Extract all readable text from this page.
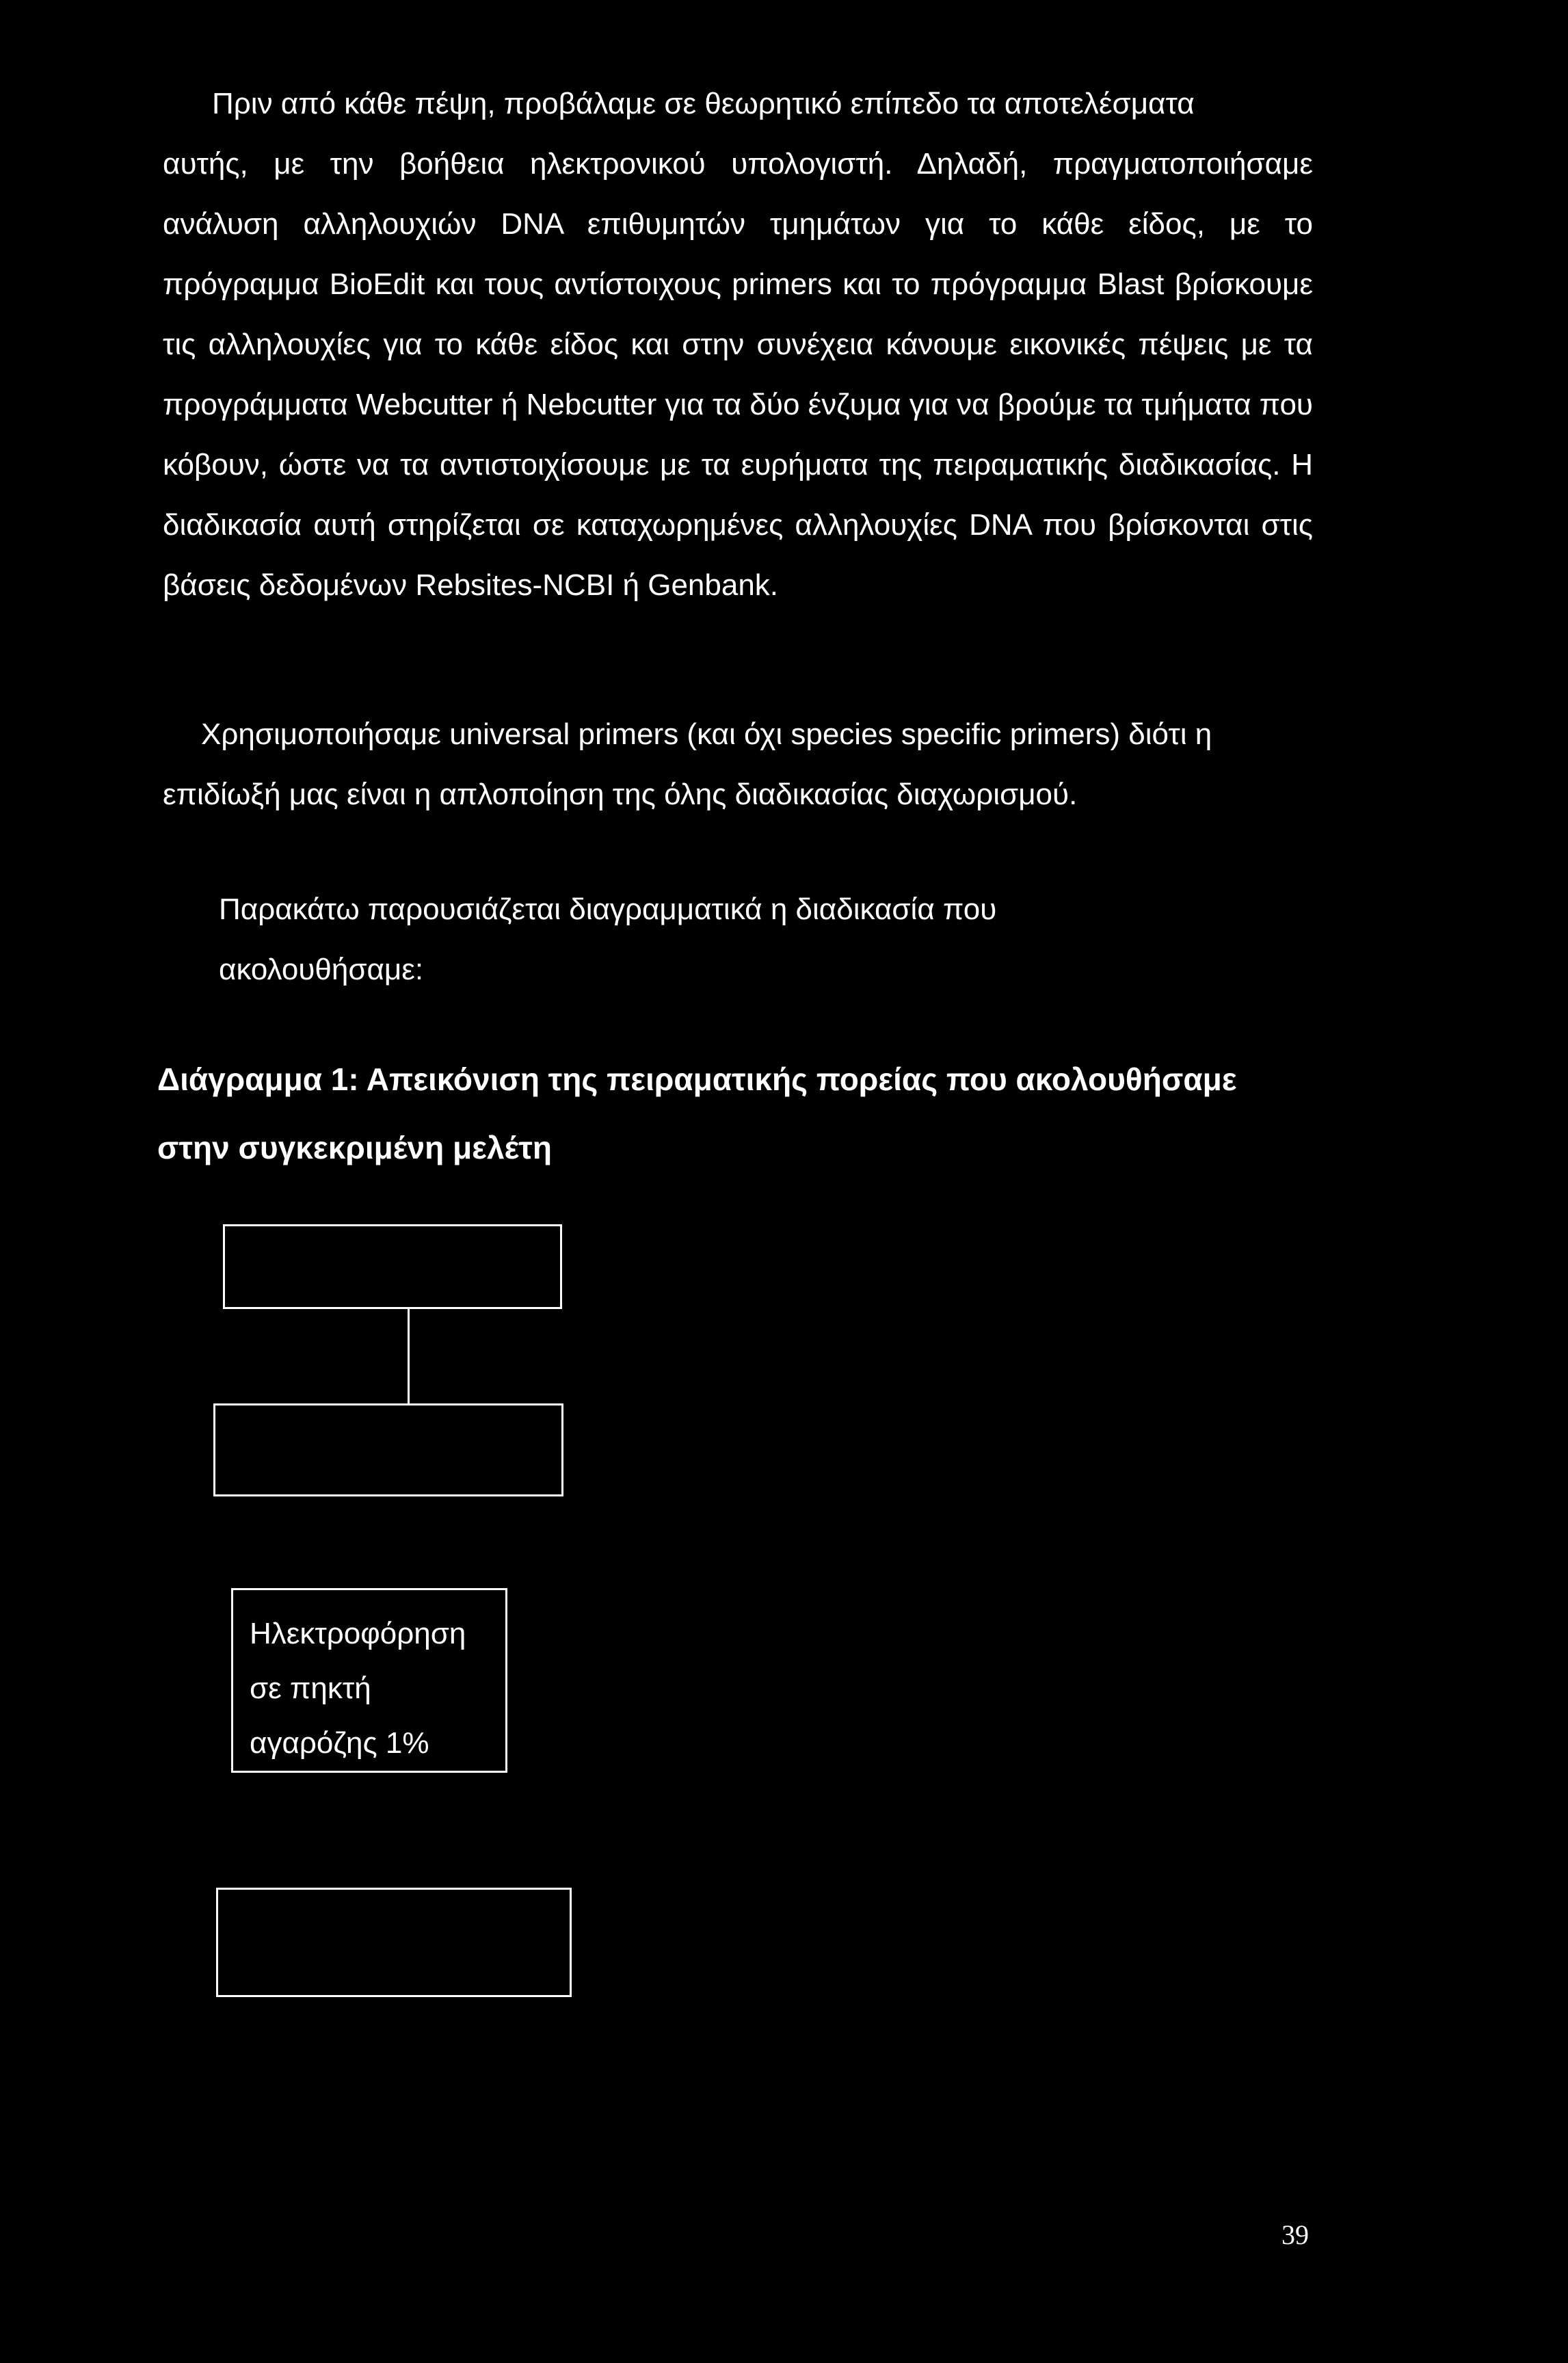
Πριν από κάθε πέψη, προβάλαμε σε θεωρητικό επίπεδο τα αποτελέσματα
αυτής, με την βοήθεια ηλεκτρονικού υπολογιστή. Δηλαδή, πραγματοποιήσαμε ανάλυση αλληλουχιών DNA επιθυμητών τμημάτων για το κάθε είδος, με το πρόγραμμα BioEdit και τους αντίστοιχους primers και το πρόγραμμα Blast βρίσκουμε τις αλληλουχίες για το κάθε είδος και στην συνέχεια κάνουμε εικονικές πέψεις με τα προγράμματα Webcutter ή Nebcutter για τα δύο ένζυμα για να βρούμε τα τμήματα που κόβουν, ώστε να τα αντιστοιχίσουμε με τα ευρήματα της πειραματικής διαδικασίας. Η διαδικασία αυτή στηρίζεται σε καταχωρημένες αλληλουχίες DNA που βρίσκονται στις βάσεις δεδομένων Rebsites-NCBI ή Genbank.
Χρησιμοποιήσαμε universal primers (και όχι species specific primers) διότι η
επιδίωξή μας είναι η απλοποίηση της όλης διαδικασίας διαχωρισμού.
Παρακάτω παρουσιάζεται διαγραμματικά η διαδικασία που
ακολουθήσαμε:
Διάγραμμα 1: Απεικόνιση της πειραματικής πορείας που ακολουθήσαμε
στην συγκεκριμένη μελέτη
Ηλεκτροφόρηση
σε πηκτή
αγαρόζης 1%
39
